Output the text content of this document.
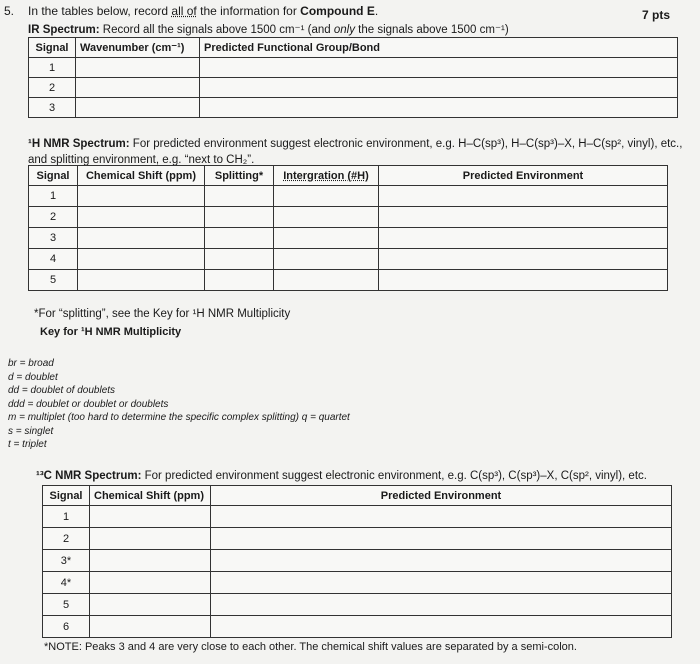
5. In the tables below, record all of the information for Compound E.	7 pts
IR Spectrum: Record all the signals above 1500 cm⁻¹ (and only the signals above 1500 cm⁻¹)
Signal	Wavenumber (cm⁻¹)	Predicted Functional Group/Bond
1		
2		
3		
¹H NMR Spectrum: For predicted environment suggest electronic environment, e.g. H–C(sp³), H–C(sp³)–X, H–C(sp², vinyl), etc., and splitting environment, e.g. “next to CH₂”.
Signal	Chemical Shift (ppm)	Splitting*	Intergration (#H)	Predicted Environment
1				
2				
3				
4				
5				
*For “splitting”, see the Key for ¹H NMR Multiplicity
Key for ¹H NMR Multiplicity
br = broad
d = doublet
dd = doublet of doublets
ddd = doublet or doublet or doublets
m = multiplet (too hard to determine the specific complex splitting) q = quartet
s = singlet
t = triplet
¹³C NMR Spectrum: For predicted environment suggest electronic environment, e.g. C(sp³), C(sp³)–X, C(sp², vinyl), etc.
Signal	Chemical Shift (ppm)	Predicted Environment
1		
2		
3*		
4*		
5		
6		
*NOTE: Peaks 3 and 4 are very close to each other. The chemical shift values are separated by a semi-colon.
